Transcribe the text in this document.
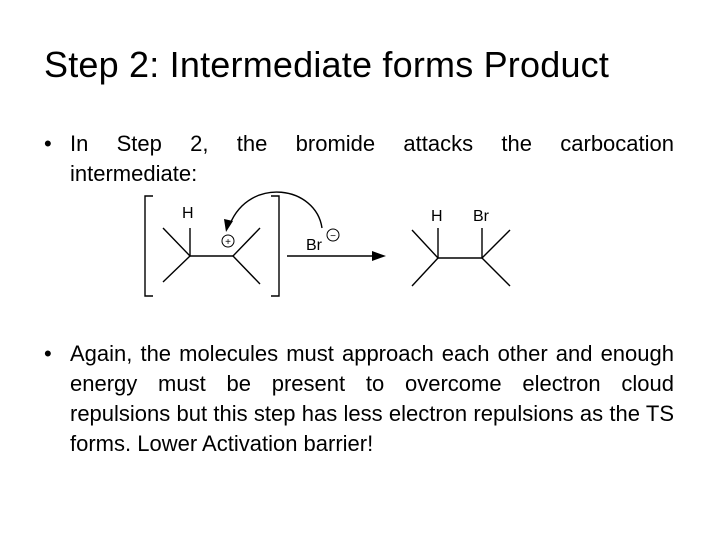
Step 2: Intermediate forms Product
• In Step 2, the bromide attacks the carbocation intermediate:
H
+	Br
−
H Br
• Again, the molecules must approach each other and enough energy must be present to overcome electron cloud repulsions but this step has less electron repulsions as the TS forms. Lower Activation barrier!
